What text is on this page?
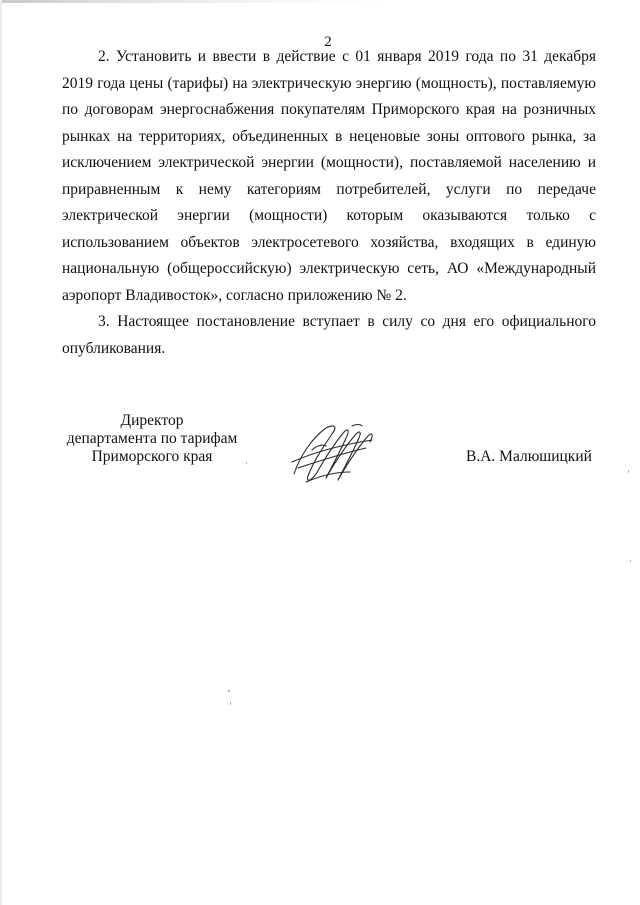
2

2. Установить и ввести в действие с 01 января 2019 года по 31 декабря 2019 года цены (тарифы) на электрическую энергию (мощность), поставляемую по договорам энергоснабжения покупателям Приморского края на розничных рынках на территориях, объединенных в неценовые зоны оптового рынка, за исключением электрической энергии (мощности), поставляемой населению и приравненным к нему категориям потребителей, услуги по передаче электрической энергии (мощности) которым оказываются только с использованием объектов электросетевого хозяйства, входящих в единую национальную (общероссийскую) электрическую сеть, АО «Международный аэропорт Владивосток», согласно приложению № 2.

3. Настоящее постановление вступает в силу со дня его официального опубликования.

Директор
департамента по тарифам
Приморского края	В.А. Малюшицкий
